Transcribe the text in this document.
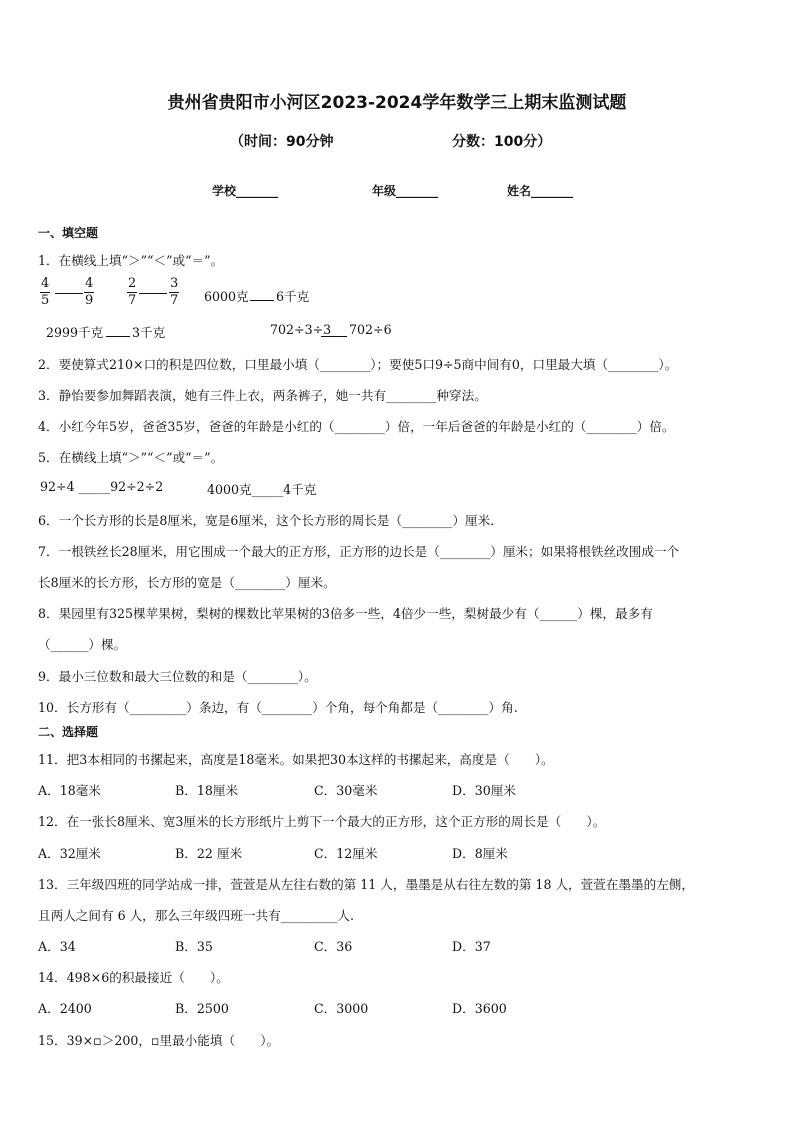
贵州省贵阳市小河区2023-2024学年数学三上期末监测试题
（时间：90分钟	分数：100分）
学校_______	年级_______	姓名_______
一、填空题
1．在横线上填“＞”“＜”或“＝”。
$\frac{4}{5}$	$\frac{4}{9}$	$\frac{2}{7} \frac{3}{7} 6000$克 6千克
2999千克 3千克	702÷3÷3 702÷6
2．要使算式210×口的积是四位数，口里最小填（________）；要使5口9÷5商中间有0，口里最大填（________）。
3．静怡要参加舞蹈表演，她有三件上衣，两条裤子，她一共有________种穿法。
4．小红今年5岁，爸爸35岁，爸爸的年龄是小红的（________）倍，一年后爸爸的年龄是小红的（________）倍。
5．在横线上填“＞”“＜”或“＝”。
92÷4 _____92÷2÷2	4000克_____4千克
6．一个长方形的长是8厘米，宽是6厘米，这个长方形的周长是（________）厘米．
7．一根铁丝长28厘米，用它围成一个最大的正方形，正方形的边长是（________）厘米；如果将根铁丝改围成一个
长8厘米的长方形，长方形的宽是（________）厘米。
8．果园里有325棵苹果树，梨树的棵数比苹果树的3倍多一些，4倍少一些，梨树最少有（______）棵，最多有
（______）棵。
9．最小三位数和最大三位数的和是（________）。
10．长方形有（_________）条边，有（________）个角，每个角都是（________）角.
二、选择题
11．把3本相同的书摞起来，高度是18毫米。如果把30本这样的书摞起来，高度是（　　）。
A．18毫米	B．18厘米	C．30毫米	D．30厘米
12．在一张长8厘米、宽3厘米的长方形纸片上剪下一个最大的正方形，这个正方形的周长是（　　）。
A．32厘米	B．22 厘米	C．12厘米	D．8厘米
13．三年级四班的同学站成一排，萱萱是从左往右数的第 11 人，墨墨是从右往左数的第 18 人，萱萱在墨墨的左侧，
且两人之间有 6 人，那么三年级四班一共有_________人.
A．34	B．35	C．36	D．37
14．498×6的积最接近（　　）。
A．2400	B．2500	C．3000	D．3600
15．39×▫＞200，▫里最小能填（　　）。
